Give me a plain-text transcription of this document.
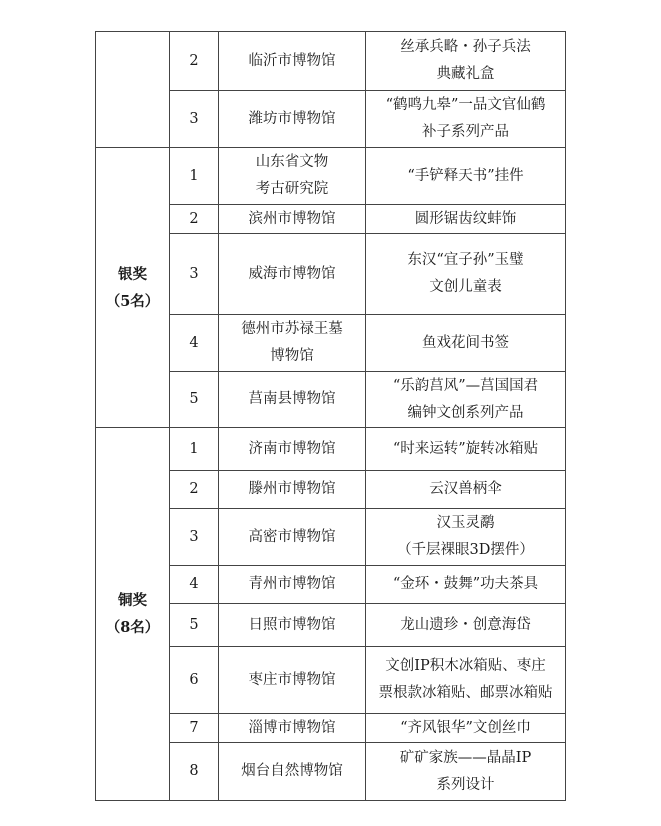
	2	临沂市博物馆	丝承兵略・孙子兵法
典藏礼盒

	3	潍坊市博物馆	“鹤鸣九皋”一品文官仙鹤
补子系列产品

银奖
（5名）	1	山东省文物
考古研究院	“手铲释天书”挂件

	2	滨州市博物馆	圆形锯齿纹蚌饰

	3	威海市博物馆	东汉“宜子孙”玉璧
文创儿童表

	4	德州市苏禄王墓
博物馆	鱼戏花间书签

	5	莒南县博物馆	“乐韵莒风”—莒国国君
编钟文创系列产品

铜奖
（8名）	1	济南市博物馆	“时来运转”旋转冰箱贴

	2	滕州市博物馆	云汉兽柄伞

	3	高密市博物馆	汉玉灵鹬
（千层裸眼3D摆件）

	4	青州市博物馆	“金环・鼓舞”功夫茶具

	5	日照市博物馆	龙山遗珍・创意海岱

	6	枣庄市博物馆	文创IP积木冰箱贴、枣庄
票根款冰箱贴、邮票冰箱贴

	7	淄博市博物馆	“齐风银华”文创丝巾

	8	烟台自然博物馆	矿矿家族——晶晶IP
系列设计
